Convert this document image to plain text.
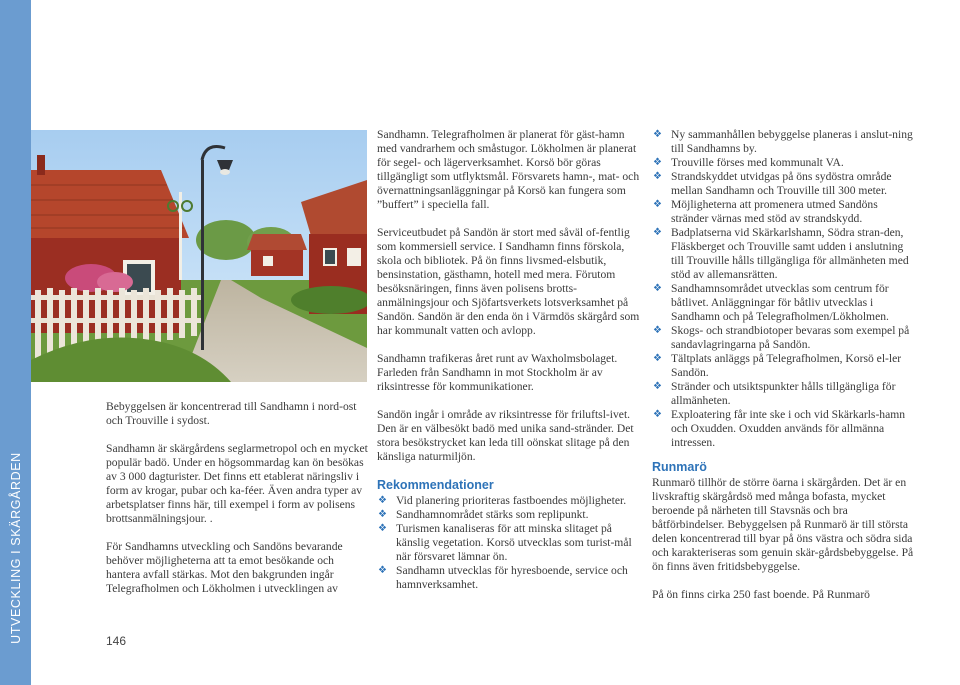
UTVECKLING I SKÄRGÅRDEN

Bebyggelsen är koncentrerad till Sandhamn i nord-ost och Trouville i sydost.

Sandhamn är skärgårdens seglarmetropol och en mycket populär badö. Under en högsommardag kan ön besökas av 3 000 dagturister. Det finns ett etablerat näringsliv i form av krogar, pubar och ka-féer. Även andra typer av arbetsplatser finns här, till exempel i form av polisens brottsanmälningsjour. .

För Sandhamns utveckling och Sandöns bevarande behöver möjligheterna att ta emot besökande och hantera avfall stärkas. Mot den bakgrunden ingår Telegrafholmen och Lökholmen i utvecklingen av

146

Sandhamn. Telegrafholmen är planerat för gäst-hamn med vandrarhem och småstugor. Lökholmen är planerat för segel- och lägerverksamhet. Korsö bör göras tillgängligt som utflyktsmål. Försvarets hamn-, mat- och övernattningsanläggningar på Korsö kan fungera som ”buffert” i speciella fall.

Serviceutbudet på Sandön är stort med såväl of-fentlig som kommersiell service. I Sandhamn finns förskola, skola och bibliotek. På ön finns livsmed-elsbutik, bensinstation, gästhamn, hotell med mera. Förutom besöksnäringen, finns även polisens brotts-anmälningsjour och Sjöfartsverkets lotsverksamhet på Sandön. Sandön är den enda ön i Värmdös skärgård som har kommunalt vatten och avlopp.

Sandhamn trafikeras året runt av Waxholmsbolaget. Farleden från Sandhamn in mot Stockholm är av riksintresse för kommunikationer.

Sandön ingår i område av riksintresse för friluftsl-ivet. Den är en välbesökt badö med unika sand-stränder. Det stora besökstrycket kan leda till oönskat slitage på den känsliga naturmiljön.

Rekommendationer
❖ Vid planering prioriteras fastboendes möjligheter.
❖ Sandhamnområdet stärks som replipunkt.
❖ Turismen kanaliseras för att minska slitaget på känslig vegetation. Korsö utvecklas som turist-mål när försvaret lämnar ön.
❖ Sandhamn utvecklas för hyresboende, service och hamnverksamhet.
❖ Ny sammanhållen bebyggelse planeras i anslut-ning till Sandhamns by.
❖ Trouville förses med kommunalt VA.
❖ Strandskyddet utvidgas på öns sydöstra område mellan Sandhamn och Trouville till 300 meter.
❖ Möjligheterna att promenera utmed Sandöns stränder värnas med stöd av strandskydd.
❖ Badplatserna vid Skärkarlshamn, Södra stran-den, Fläskberget och Trouville samt udden i anslutning till Trouville hålls tillgängliga för allmänheten med stöd av allemansrätten.
❖ Sandhamnsområdet utvecklas som centrum för båtlivet. Anläggningar för båtliv utvecklas i Sandhamn och på Telegrafholmen/Lökholmen.
❖ Skogs- och strandbiotoper bevaras som exempel på sandavlagringarna på Sandön.
❖ Tältplats anläggs på Telegrafholmen, Korsö el-ler Sandön.
❖ Stränder och utsiktspunkter hålls tillgängliga för allmänheten.
❖ Exploatering får inte ske i och vid Skärkarls-hamn och Oxudden. Oxudden används för allmänna intressen.
Runmarö

Runmarö tillhör de större öarna i skärgården. Det är en livskraftig skärgårdsö med många bofasta, mycket beroende på närheten till Stavsnäs och bra båtförbindelser. Bebyggelsen på Runmarö är till största delen koncentrerad till byar på öns västra och södra sida och karakteriseras som genuin skär-gårdsbebyggelse. På ön finns även fritidsbebyggelse.

På ön finns cirka 250 fast boende. På Runmarö
